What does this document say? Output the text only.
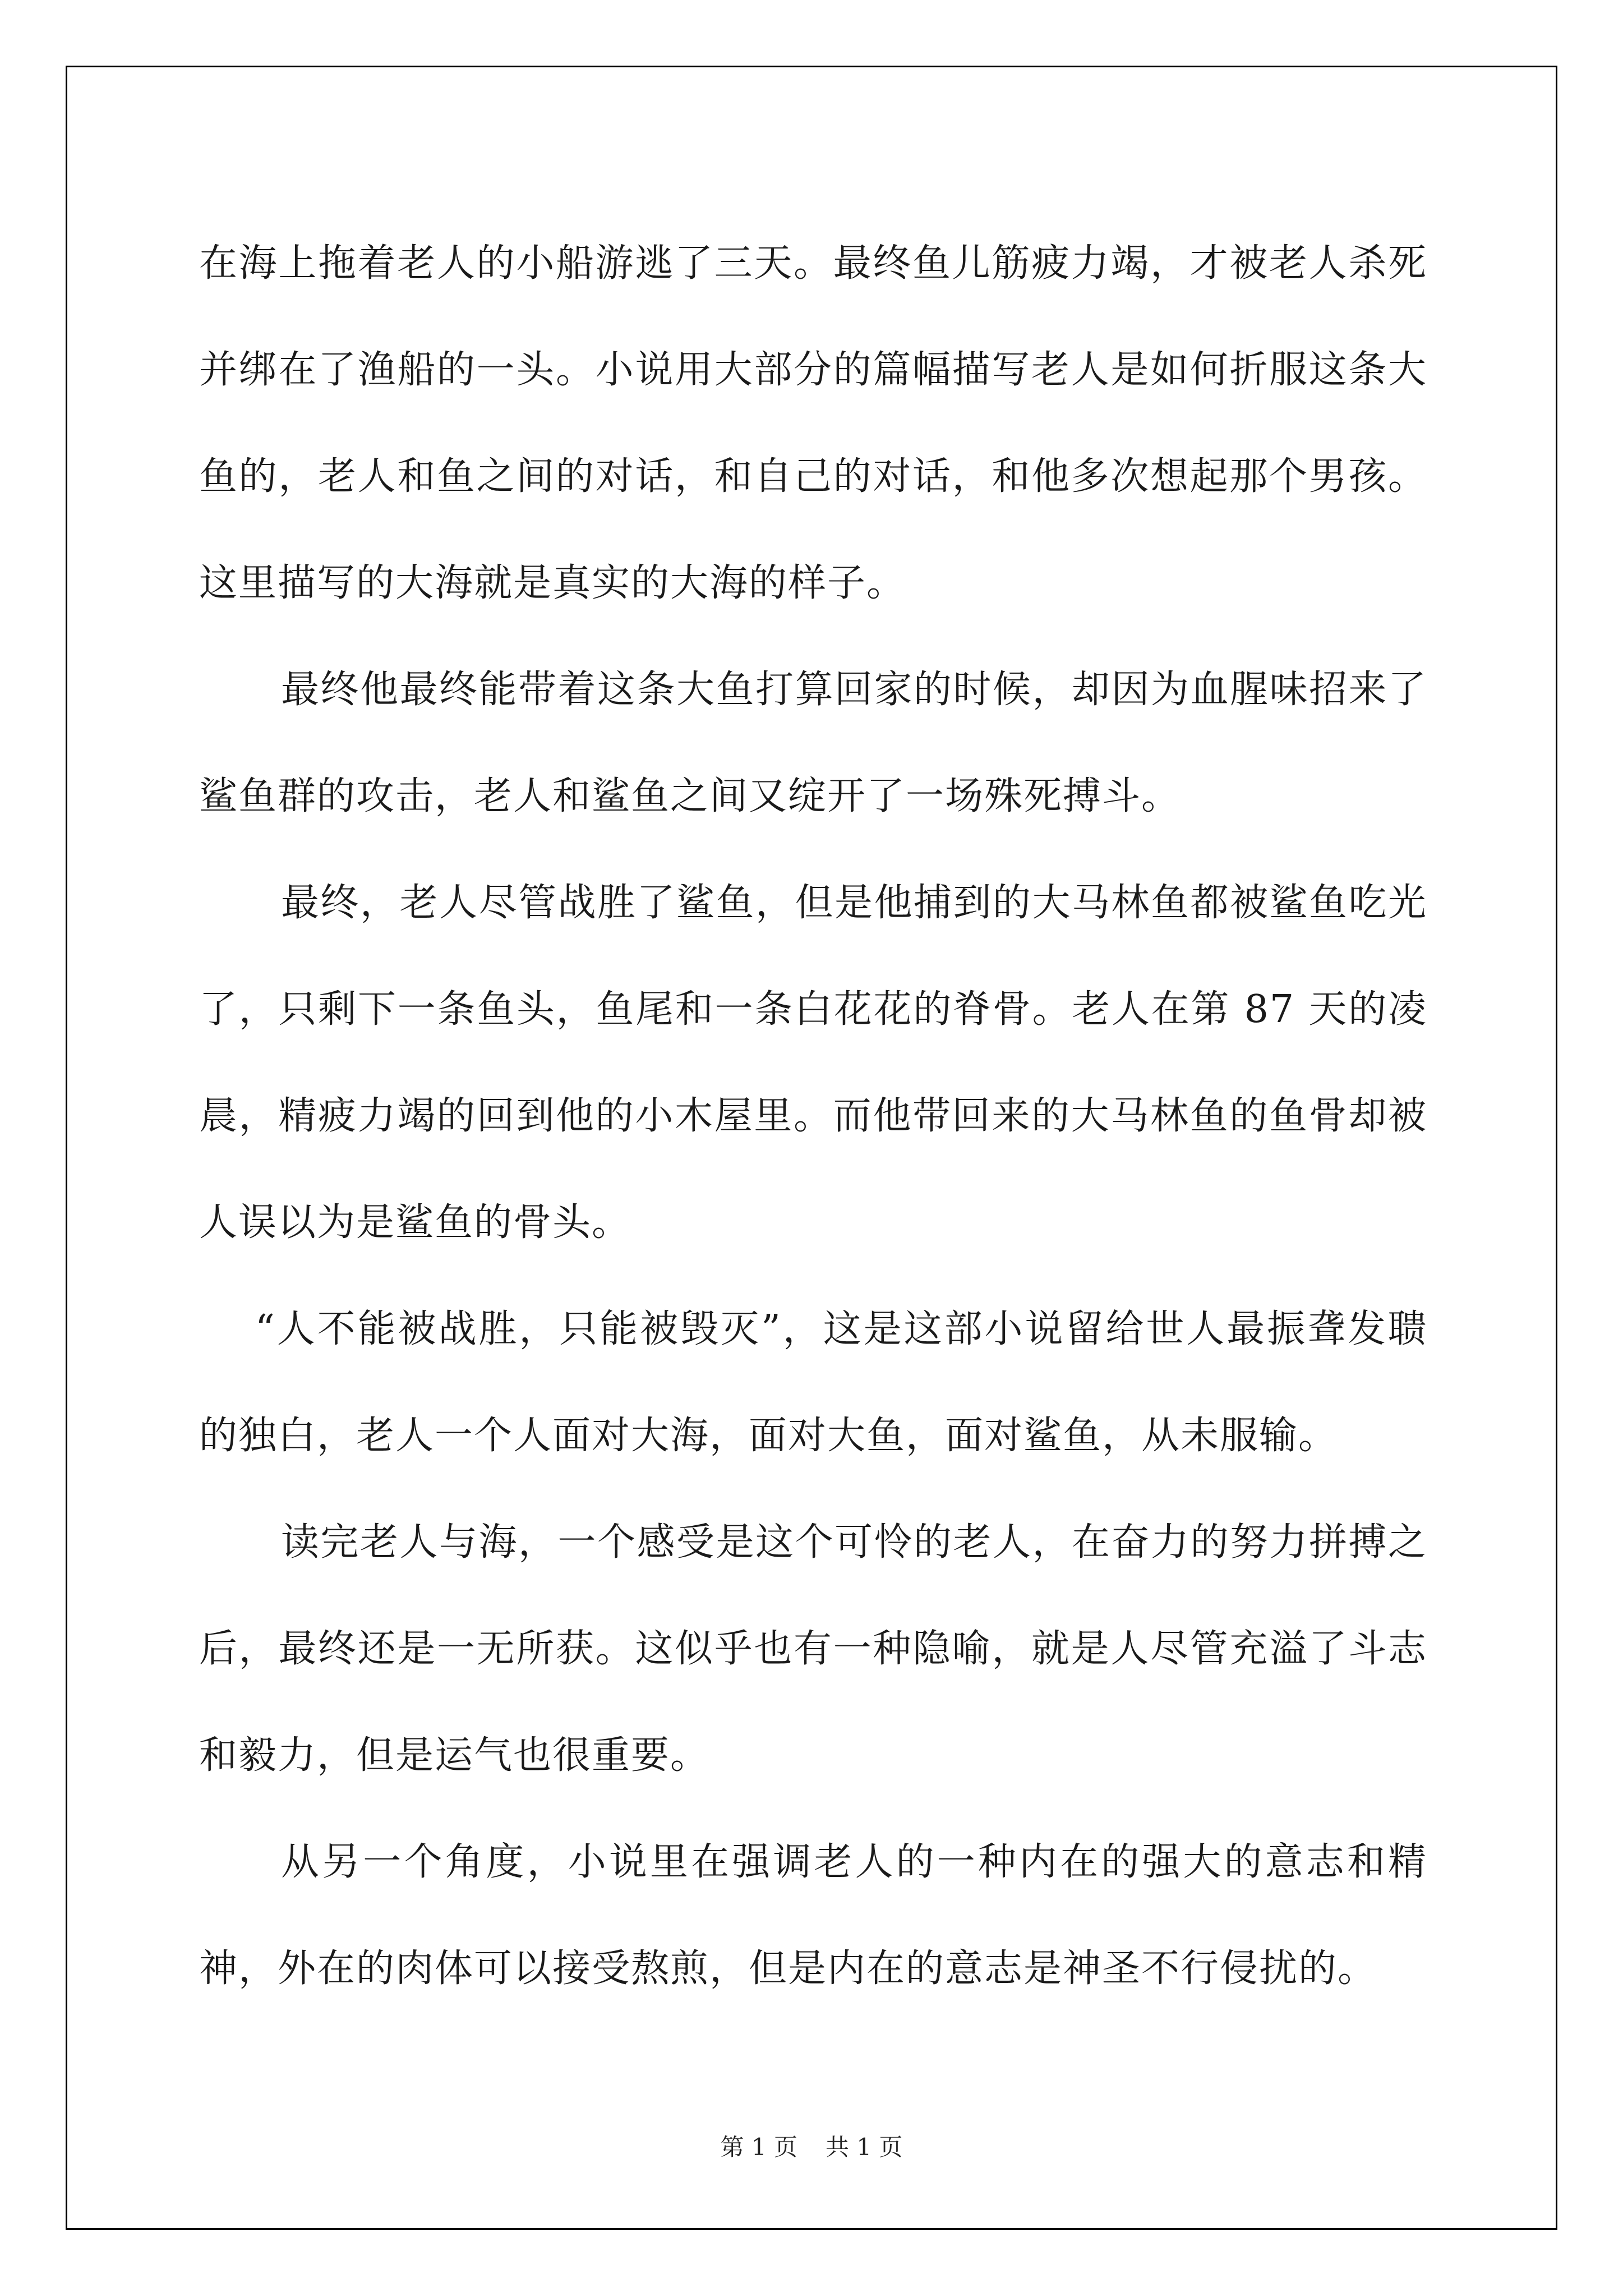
在海上拖着老人的小船游逃了三天。最终鱼儿筋疲力竭，才被老人杀死并绑在了渔船的一头。小说用大部分的篇幅描写老人是如何折服这条大鱼的，老人和鱼之间的对话，和自己的对话，和他多次想起那个男孩。这里描写的大海就是真实的大海的样子。

最终他最终能带着这条大鱼打算回家的时候，却因为血腥味招来了鲨鱼群的攻击，老人和鲨鱼之间又绽开了一场殊死搏斗。

最终，老人尽管战胜了鲨鱼，但是他捕到的大马林鱼都被鲨鱼吃光了，只剩下一条鱼头，鱼尾和一条白花花的脊骨。老人在第 87 天的凌晨，精疲力竭的回到他的小木屋里。而他带回来的大马林鱼的鱼骨却被人误以为是鲨鱼的骨头。

“人不能被战胜，只能被毁灭”，这是这部小说留给世人最振聋发聩的独白，老人一个人面对大海，面对大鱼，面对鲨鱼，从未服输。

读完老人与海，一个感受是这个可怜的老人，在奋力的努力拼搏之后，最终还是一无所获。这似乎也有一种隐喻，就是人尽管充溢了斗志和毅力，但是运气也很重要。

从另一个角度，小说里在强调老人的一种内在的强大的意志和精神，外在的肉体可以接受熬煎，但是内在的意志是神圣不行侵扰的。

第 1 页 共 1 页
